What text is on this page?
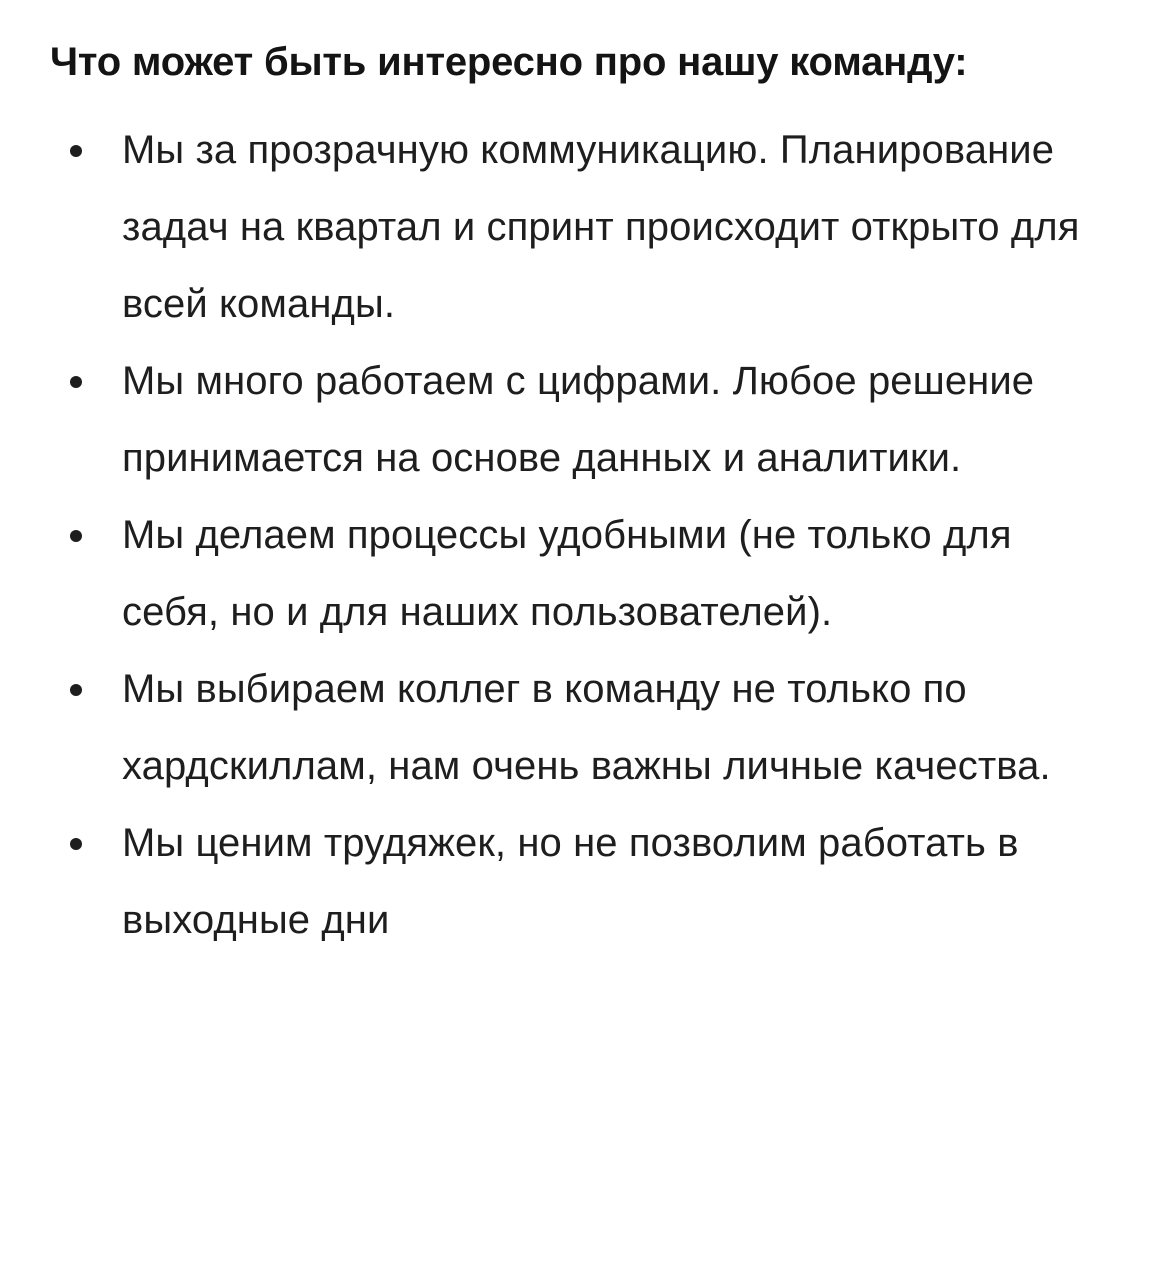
Что может быть интересно про нашу команду:
Мы за прозрачную коммуникацию. Планирование задач на квартал и спринт происходит открыто для всей команды.
Мы много работаем с цифрами. Любое решение принимается на основе данных и аналитики.
Мы делаем процессы удобными (не только для себя, но и для наших пользователей).
Мы выбираем коллег в команду не только по хардскиллам, нам очень важны личные качества.
Мы ценим трудяжек, но не позволим работать в выходные дни
